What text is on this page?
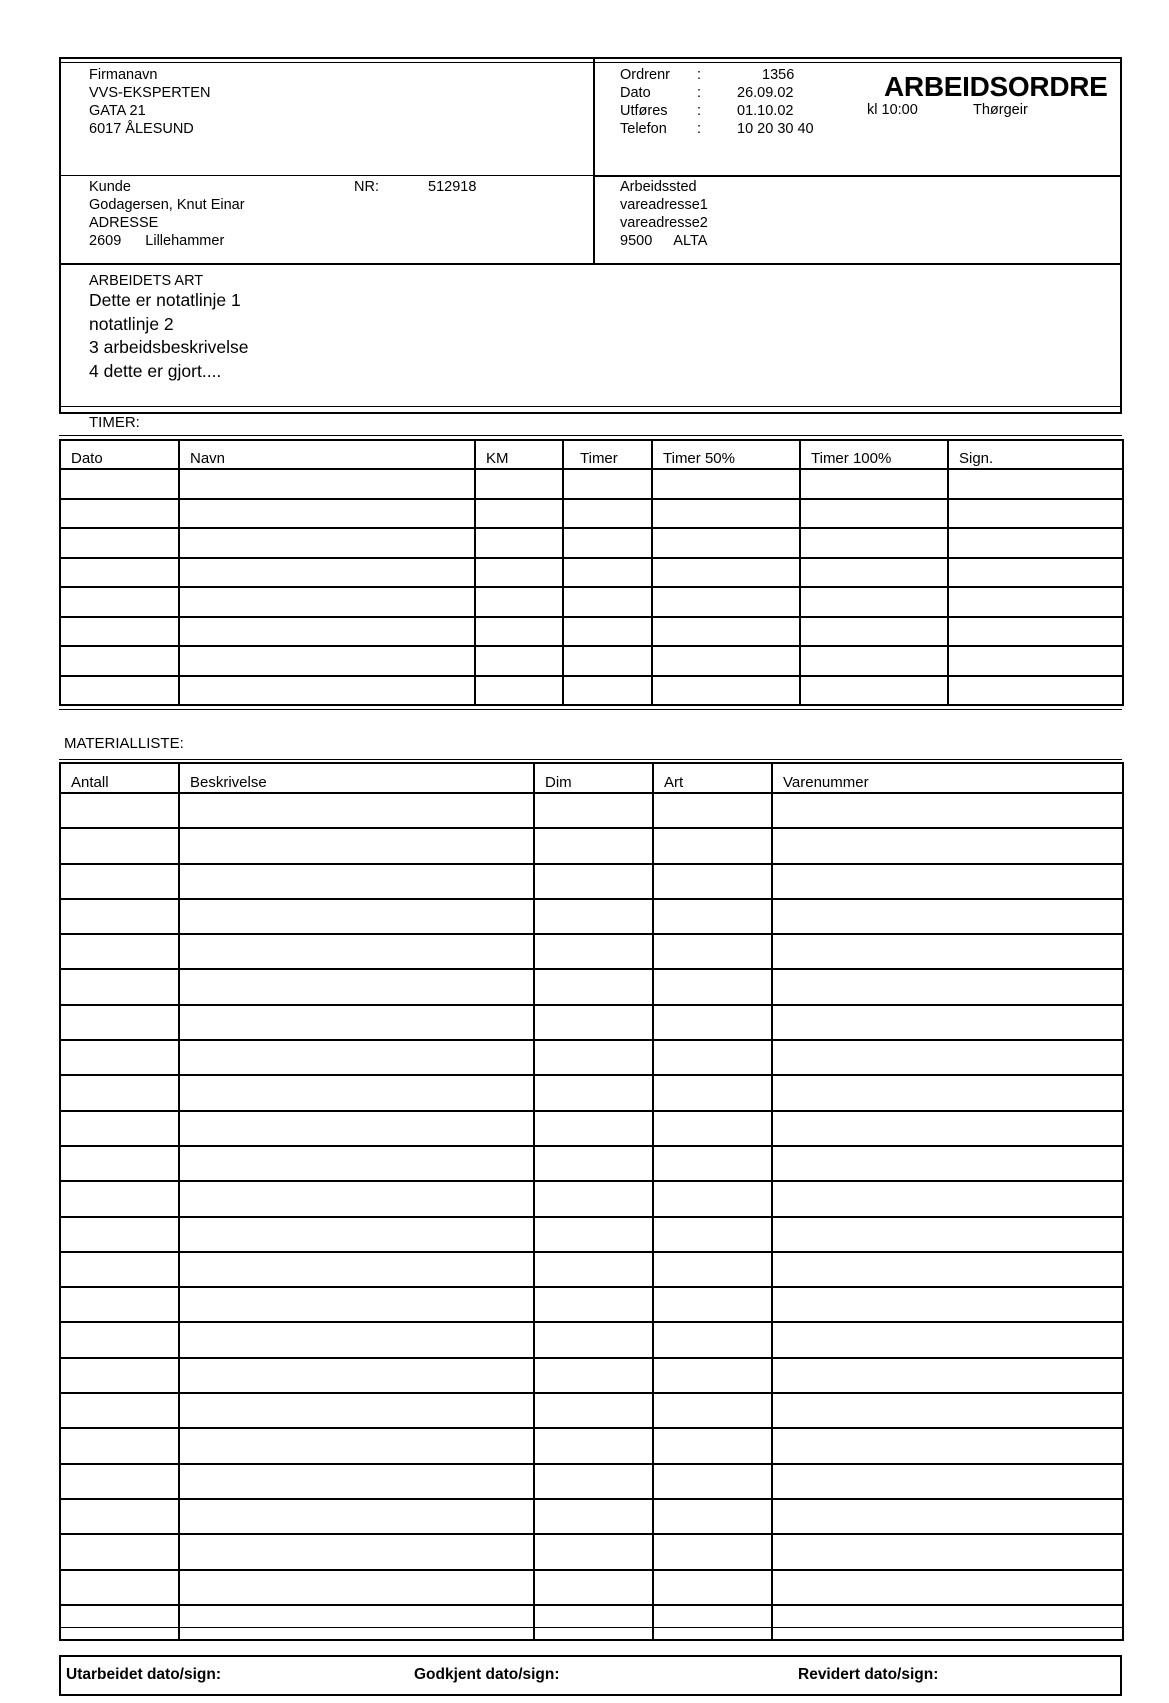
Firmanavn
VVS-EKSPERTEN
GATA 21
6017 ÅLESUND
Ordrenr :	1356
Dato	: 26.09.02
Utføres : 01.10.02
Telefon : 10 20 30 40
ARBEIDSORDRE
kl 10:00	Thørgeir
Kunde
Godagersen, Knut Einar
ADRESSE
2609 Lillehammer
NR:	512918	Arbeidssted
vareadresse1
vareadresse2
9500 ALTA
ARBEIDETS ART
Dette er notatlinje 1
notatlinje 2
3 arbeidsbeskrivelse
4 dette er gjort....
TIMER:
Dato	Navn	KM	Timer	Timer 50%	Timer 100%	Sign.

MATERIALLISTE:
Antall	Beskrivelse	Dim	Art	Varenummer

Utarbeidet dato/sign:	Godkjent dato/sign:	Revidert dato/sign:
